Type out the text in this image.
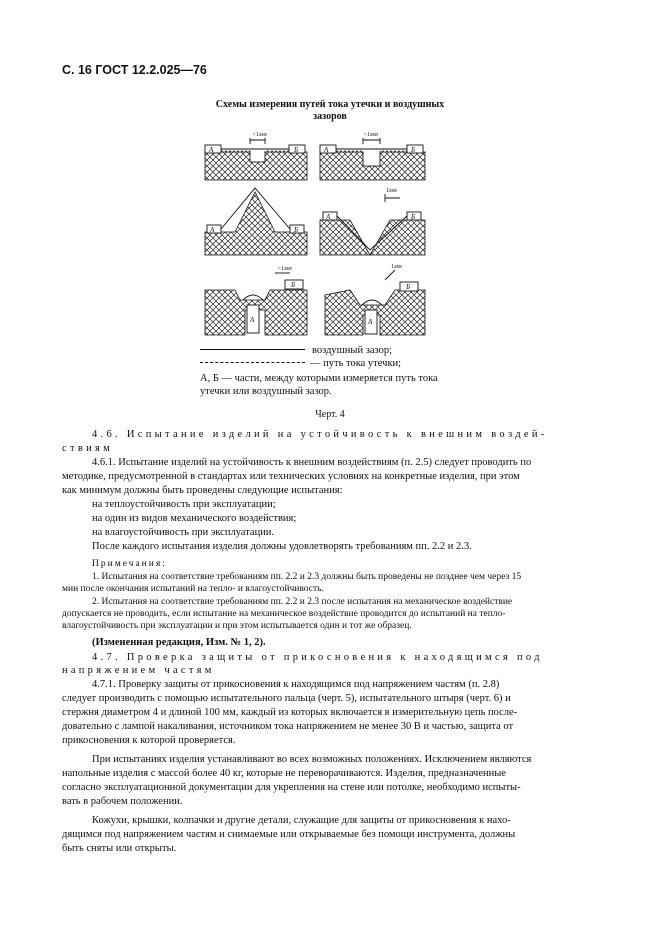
С. 16 ГОСТ 12.2.025—76
Схемы измерения путей тока утечки и воздушных
зазоров
А	Б	А	Б
А	Б
А	Б
Б	Б
А	А
<1мм	>1мм
1мм
>1мм	1мм
воздушный зазор;
— путь тока утечки;
А, Б — части, между которыми измеряется путь тока
утечки или воздушный зазор.
Черт. 4
4.6. Испытание изделий на устойчивость к внешним воздей-
ствиям
4.6.1. Испытание изделий на устойчивость к внешним воздействиям (п. 2.5) следует проводить по
методике, предусмотренной в стандартах или технических условиях на конкретные изделия, при этом
как минимум должны быть проведены следующие испытания:
на теплоустойчивость при эксплуатации;
на один из видов механического воздействия;
на влагоустойчивость при эксплуатации.
После каждого испытания изделия должны удовлетворять требованиям пп. 2.2 и 2.3.
Примечания:
1. Испытания на соответствие требованиям пп. 2.2 и 2.3 должны быть проведены не позднее чем через 15
мин после окончания испытаний на тепло- и влагоустойчивость.
2. Испытания на соответствие требованиям пп. 2.2 и 2.3 после испытания на механическое воздействие
допускается не проводить, если испытание на механическое воздействие проводится до испытаний на тепло-
влагоустойчивость при эксплуатации и при этом испытывается один и тот же образец.
(Измененная редакция, Изм. № 1, 2).
4.7. Проверка защиты от прикосновения к находящимся под
напряжением частям
4.7.1. Проверку защиты от прикосновения к находящимся под напряжением частям (п. 2.8)
следует производить с помощью испытательного пальца (черт. 5), испытательного штыря (черт. 6) и
стержня диаметром 4 и длиной 100 мм, каждый из которых включается в измерительную цепь после-
довательно с лампой накаливания, источником тока напряжением не менее 30 В и частью, защита от
прикосновения к которой проверяется.
При испытаниях изделия устанавливают во всех возможных положениях. Исключением являются
напольные изделия с массой более 40 кг, которые не переворачиваются. Изделия, предназначенные
согласно эксплуатационной документации для укрепления на стене или потолке, необходимо испыты-
вать в рабочем положении.
Кожухи, крышки, колпачки и другие детали, служащие для защиты от прикосновения к нахо-
дящимся под напряжением частям и снимаемые или открываемые без помощи инструмента, должны
быть сняты или открыты.
